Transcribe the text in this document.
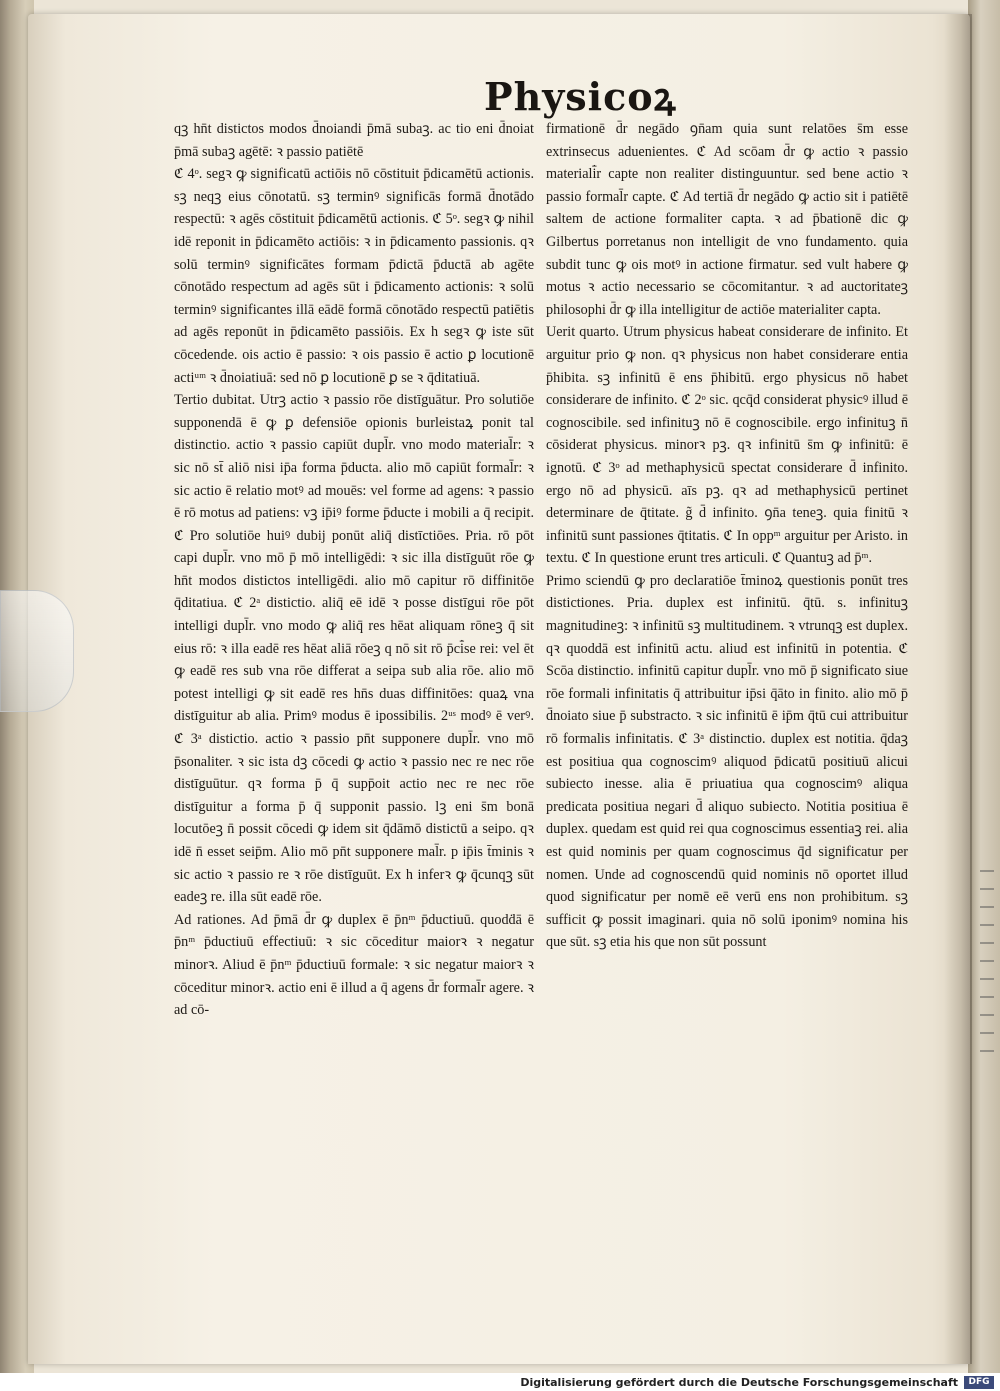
Physicoꝝ

qꝫ hn̄t distictos modos d̄noiandi p̄mā subaꝫ. ac tio eni d̄noiat p̄mā subaꝫ agētē: ꝛ passio patiētē

ℭ 4ᵒ. segꝛ ꝙ significatū actiōis nō cōstituit p̄dicamētū actionis. sꝫ neqꝫ eius cōnotatū. sꝫ terminꝰ significās formā d̄notādo respectū: ꝛ agēs cōstituit p̄dicamētū actionis. ℭ 5ᵒ. segꝛ ꝙ nihil idē reponit in p̄dicamēto actiōis: ꝛ in p̄dicamento passionis. qꝛ solū terminꝰ significātes formam p̄dictā p̄ductā ab agēte cōnotādo respectum ad agēs sūt i p̄dicamento actionis: ꝛ solū terminꝰ significantes illā eādē formā cōnotādo respectū patiētis ad agēs reponūt in p̄dicamēto passiōis. Ex h segꝛ ꝙ iste sūt cōcedende. ois actio ē passio: ꝛ ois passio ē actio ꝑ locutionē actiᵘᵐ ꝛ d̄noiatiuā: sed nō ꝑ locutionē ꝑ se ꝛ q̄ditatiuā.

Tertio dubitat. Utrꝫ actio ꝛ passio rōe distīguātur. Pro solutiōe supponendā ē ꝙ ꝑ defensiōe opionis burleistaꝝ ponit tal distinctio. actio ꝛ passio capiūt dupl̄r. vno modo material̄r: ꝛ sic nō st̄ aliō nisi ip̄a forma p̄ducta. alio mō capiūt formal̄r: ꝛ sic actio ē relatio motꝰ ad mouēs: vel forme ad agens: ꝛ passio ē rō motus ad patiens: vꝫ ip̄iꝰ forme p̄ducte i mobili a q̄ recipit. ℭ Pro solutiōe huiꝰ dubij ponūt aliq̄ distīctiōes. Pria. rō pōt capi dupl̄r. vno mō p̄ mō intelligēdi: ꝛ sic illa distīguūt rōe ꝙ hn̄t modos distictos intelligēdi. alio mō capitur rō diffinitōe q̄ditatiua. ℭ 2ᵃ distictio. aliq̄ eē idē ꝛ posse distīgui rōe pōt intelligi dupl̄r. vno modo ꝙ aliq̄ res hēat aliquam rōneꝫ q̄ sit eius rō: ꝛ illa eadē res hēat aliā rōeꝫ q nō sit rō p̄ci̇̄se rei: vel ēt ꝙ eadē res sub vna rōe differat a seipa sub alia rōe. alio mō potest intelligi ꝙ sit eadē res hn̄s duas diffinitōes: quaꝝ vna distīguitur ab alia. Primꝰ modus ē ipossibilis. 2ᵘˢ modꝰ ē verꝰ. ℭ 3ᵃ distictio. actio ꝛ passio pn̄t supponere dupl̄r. vno mō p̄sonaliter. ꝛ sic ista dꝫ cōcedi ꝙ actio ꝛ passio nec re nec rōe distīguūtur. qꝛ forma p̄ q̄ supp̄oit actio nec re nec rōe distīguitur a forma p̄ q̄ supponit passio. lꝫ eni s̄m bonā locutōeꝫ n̄ possit cōcedi ꝙ idem sit q̄dāmō distictū a seipo. qꝛ idē n̄ esset seip̄m. Alio mō pn̄t supponere mal̄r. p ip̄is t̄minis ꝛ sic actio ꝛ passio re ꝛ rōe distīguūt. Ex h inferꝛ ꝙ q̄cunqꝫ sūt eadeꝫ re. illa sūt eadē rōe.

Ad rationes. Ad p̄mā d̄r ꝙ duplex ē p̄nᵐ p̄ductiuū. quodḋā ē p̄nᵐ p̄ductiuū effectiuū: ꝛ sic cōceditur maiorꝛ ꝛ negatur minorꝛ. Aliud ē p̄nᵐ p̄ductiuū formale: ꝛ sic negatur maiorꝛ ꝛ cōceditur minorꝛ. actio eni ē illud a q̄ agens d̄r formal̄r agere. ꝛ ad cō-

firmationē d̄r negādo ꝯn̄am quia sunt relatōes s̄m esse extrinsecus aduenientes. ℭ Ad scōam d̄r ꝙ actio ꝛ passio materiali̇̄r capte non realiter distinguuntur. sed bene actio ꝛ passio formal̄r capte. ℭ Ad tertiā d̄r negādo ꝙ actio sit i patiētē saltem de actione formaliter capta. ꝛ ad p̄bationē dic ꝙ Gilbertus porretanus non intelligit de vno fundamento. quia subdit tunc ꝙ ois motꝰ in actione firmatur. sed vult habere ꝙ motus ꝛ actio necessario se cōcomitantur. ꝛ ad auctoritateꝫ philosophi d̄r ꝙ illa intelligitur de actiōe materialiter capta.

Uerit quarto. Utrum physicus habeat considerare de infinito. Et arguitur prio ꝙ non. qꝛ physicus non habet considerare entia p̄hibita. sꝫ infinitū ē ens p̄hibitū. ergo physicus nō habet considerare de infinito. ℭ 2ᵒ sic. qcq̄d considerat physicꝰ illud ē cognoscibile. sed infinituꝫ nō ē cognoscibile. ergo infinituꝫ n̄ cōsiderat physicus. minorꝛ pꝫ. qꝛ infinitū s̄m ꝙ infinitū: ē ignotū. ℭ 3ᵒ ad methaphysicū spectat considerare d̄ infinito. ergo nō ad physicū. aīs pꝫ. qꝛ ad methaphysicū pertinet determinare de q̄titate. g̃ d̄ infinito. ꝯn̄a teneꝫ. quia finitū ꝛ infinitū sunt passiones q̄titatis. ℭ In oppᵐ arguitur per Aristo. in textu. ℭ In questione erunt tres articuli. ℭ Quantuꝫ ad p̄ᵐ.

Primo sciendū ꝙ pro declaratiōe t̄minoꝝ questionis ponūt tres distictiones. Pria. duplex est infinitū. q̄tū. s. infinituꝫ magnitudineꝫ: ꝛ infinitū sꝫ multitudinem. ꝛ vtrunqꝫ est duplex. qꝛ quoddā est infinitū actu. aliud est infinitū in potentia. ℭ Scōa distinctio. infinitū capitur dupl̄r. vno mō p̄ significato siue rōe formali infinitatis q̄ attribuitur ip̄si q̄āto in finito. alio mō p̄ d̄noiato siue p̄ substracto. ꝛ sic infinitū ē ip̄m q̄tū cui attribuitur rō formalis infinitatis. ℭ 3ᵃ distinctio. duplex est notitia. q̄daꝫ est positiua qua cognoscimꝰ aliquod p̄dicatū positiuū alicui subiecto inesse. alia ē priuatiua qua cognoscimꝰ aliqua predicata positiua negari d̄ aliquo subiecto. Notitia positiua ē duplex. quedam est quid rei qua cognoscimus essentiaꝫ rei. alia est quid nominis per quam cognoscimus q̄d significatur per nomen. Unde ad cognoscendū quid nominis nō oportet illud quod significatur per nomē eē verū ens non prohibitum. sꝫ sufficit ꝙ possit imaginari. quia nō solū iponimꝰ nomina his que sūt. sꝫ etia his que non sūt possunt

Digitalisierung gefördert durch die Deutsche Forschungsgemeinschaft	DFG
